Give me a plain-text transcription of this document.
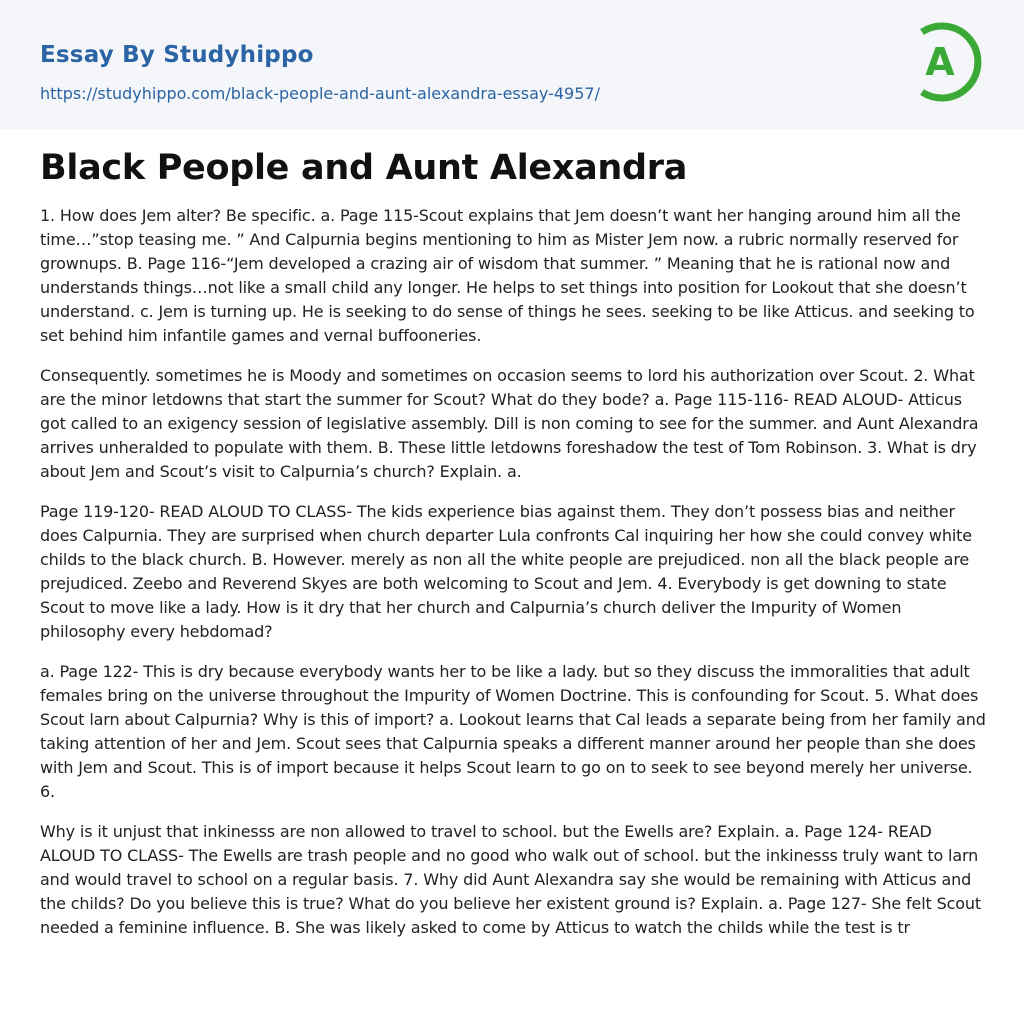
Essay By Studyhippo
https://studyhippo.com/black-people-and-aunt-alexandra-essay-4957/
A
Black People and Aunt Alexandra

1. How does Jem alter? Be specific. a. Page 115-Scout explains that Jem doesn’t want her hanging around him all the time…”stop teasing me. ” And Calpurnia begins mentioning to him as Mister Jem now. a rubric normally reserved for grownups. B. Page 116-“Jem developed a crazing air of wisdom that summer. ” Meaning that he is rational now and understands things…not like a small child any longer. He helps to set things into position for Lookout that she doesn’t understand. c. Jem is turning up. He is seeking to do sense of things he sees. seeking to be like Atticus. and seeking to set behind him infantile games and vernal buffooneries.

Consequently. sometimes he is Moody and sometimes on occasion seems to lord his authorization over Scout. 2. What are the minor letdowns that start the summer for Scout? What do they bode? a. Page 115-116- READ ALOUD- Atticus got called to an exigency session of legislative assembly. Dill is non coming to see for the summer. and Aunt Alexandra arrives unheralded to populate with them. B. These little letdowns foreshadow the test of Tom Robinson. 3. What is dry about Jem and Scout’s visit to Calpurnia’s church? Explain. a.

Page 119-120- READ ALOUD TO CLASS- The kids experience bias against them. They don’t possess bias and neither does Calpurnia. They are surprised when church departer Lula confronts Cal inquiring her how she could convey white childs to the black church. B. However. merely as non all the white people are prejudiced. non all the black people are prejudiced. Zeebo and Reverend Skyes are both welcoming to Scout and Jem. 4. Everybody is get downing to state Scout to move like a lady. How is it dry that her church and Calpurnia’s church deliver the Impurity of Women philosophy every hebdomad?

a. Page 122- This is dry because everybody wants her to be like a lady. but so they discuss the immoralities that adult females bring on the universe throughout the Impurity of Women Doctrine. This is confounding for Scout. 5. What does Scout larn about Calpurnia? Why is this of import? a. Lookout learns that Cal leads a separate being from her family and taking attention of her and Jem. Scout sees that Calpurnia speaks a different manner around her people than she does with Jem and Scout. This is of import because it helps Scout learn to go on to seek to see beyond merely her universe. 6.

Why is it unjust that inkinesss are non allowed to travel to school. but the Ewells are? Explain. a. Page 124- READ ALOUD TO CLASS- The Ewells are trash people and no good who walk out of school. but the inkinesss truly want to larn and would travel to school on a regular basis. 7. Why did Aunt Alexandra say she would be remaining with Atticus and the childs? Do you believe this is true? What do you believe her existent ground is? Explain. a. Page 127- She felt Scout needed a feminine influence. B. She was likely asked to come by Atticus to watch the childs while the test is tr
